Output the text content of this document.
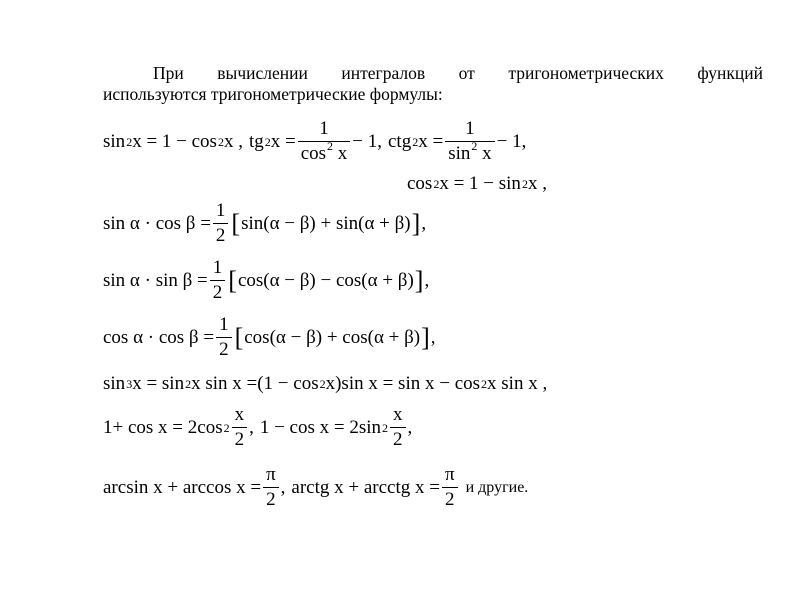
При вычислении интегралов от тригонометрических функций
используются тригонометрические формулы:
sin 2 x = 1 − cos 2 x , tg 2 $x = \frac{1}{\cos^2 x} - 1$, ctg 2 $x = \frac{1}{\sin^2 x} - 1$,
cos 2 x = 1 − sin 2 x ,
$\sin \alpha \cdot \cos \beta = \frac{1}{2}$ [ sin(α − β) + sin(α + β) ] ,
$\sin \alpha \cdot \sin \beta = \frac{1}{2}$ [ cos(α − β) − cos(α + β) ] ,
$\cos \alpha \cdot \cos \beta = \frac{1}{2}$ [ cos(α − β) + cos(α + β) ] ,
sin 3 x = sin 2 x sin x = (1 − cos 2 x)sin x = sin x − cos 2 x sin x ,
1+ cos x = 2cos $2 \frac{x}{2}$ , 1 − cos x = 2sin $2 \frac{x}{2}$ ,
$\arcsin x + \arccos x = \frac{\pi}{2}$ , arctg x + arcctg $x = \frac{\pi}{2}$ и другие.
